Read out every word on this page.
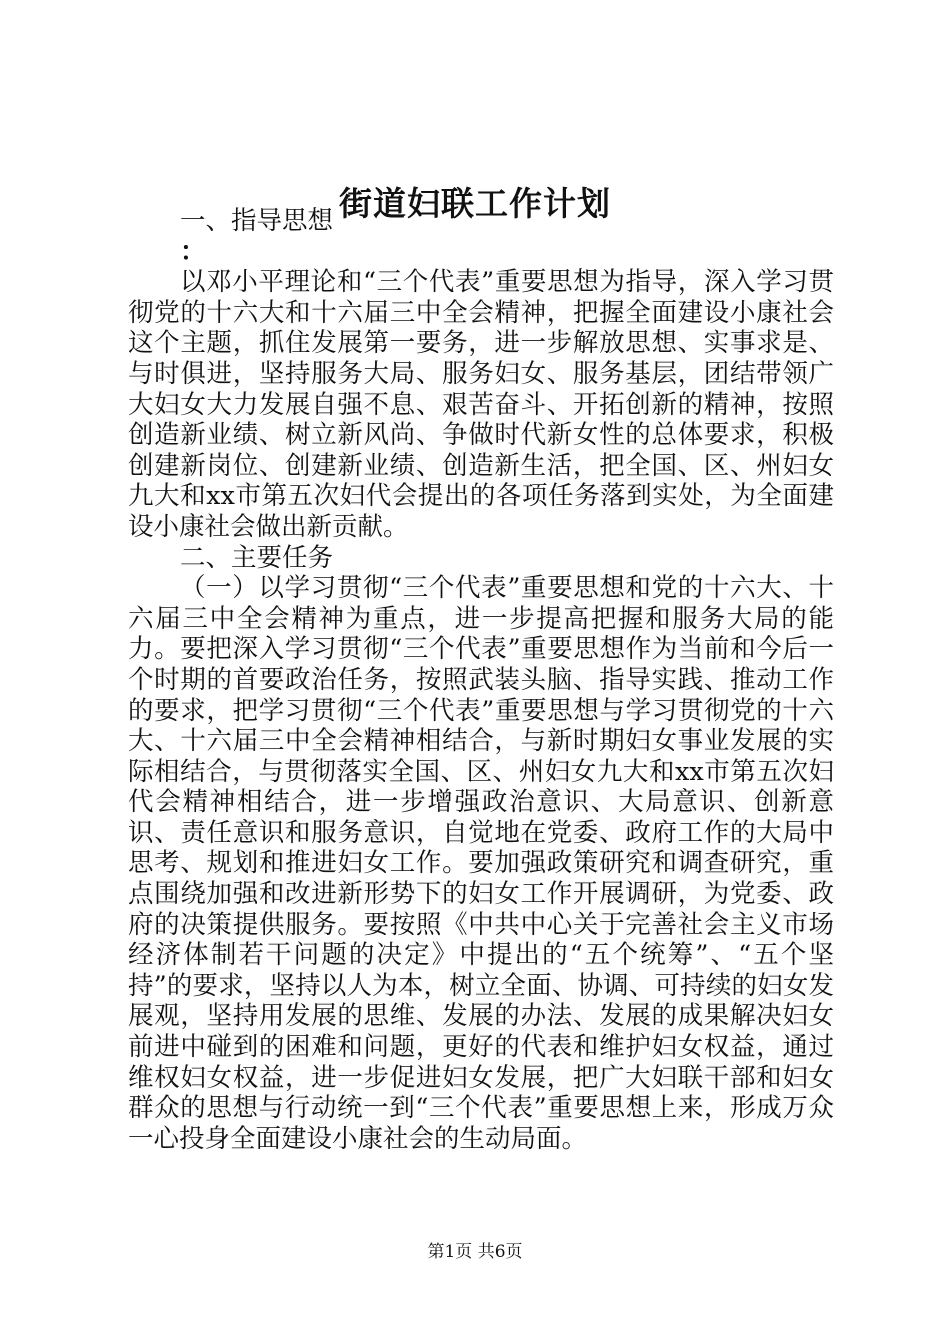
街道妇联工作计划

一、指导思想

：

以邓小平理论和“三个代表”重要思想为指导，深入学习贯彻党的十六大和十六届三中全会精神，把握全面建设小康社会这个主题，抓住发展第一要务，进一步解放思想、实事求是、与时俱进，坚持服务大局、服务妇女、服务基层，团结带领广大妇女大力发展自强不息、艰苦奋斗、开拓创新的精神，按照创造新业绩、树立新风尚、争做时代新女性的总体要求，积极创建新岗位、创建新业绩、创造新生活，把全国、区、州妇女九大和xx市第五次妇代会提出的各项任务落到实处，为全面建设小康社会做出新贡献。

二、主要任务

（一）以学习贯彻“三个代表”重要思想和党的十六大、十六届三中全会精神为重点，进一步提高把握和服务大局的能力。要把深入学习贯彻“三个代表”重要思想作为当前和今后一个时期的首要政治任务，按照武装头脑、指导实践、推动工作的要求，把学习贯彻“三个代表”重要思想与学习贯彻党的十六大、十六届三中全会精神相结合，与新时期妇女事业发展的实际相结合，与贯彻落实全国、区、州妇女九大和xx市第五次妇代会精神相结合，进一步增强政治意识、大局意识、创新意识、责任意识和服务意识，自觉地在党委、政府工作的大局中思考、规划和推进妇女工作。要加强政策研究和调查研究，重点围绕加强和改进新形势下的妇女工作开展调研，为党委、政府的决策提供服务。要按照《中共中心关于完善社会主义市场经济体制若干问题的决定》中提出的“五个统筹”、“五个坚持”的要求，坚持以人为本，树立全面、协调、可持续的妇女发展观，坚持用发展的思维、发展的办法、发展的成果解决妇女前进中碰到的困难和问题，更好的代表和维护妇女权益，通过维权妇女权益，进一步促进妇女发展，把广大妇联干部和妇女群众的思想与行动统一到“三个代表”重要思想上来，形成万众一心投身全面建设小康社会的生动局面。

第1页 共6页
